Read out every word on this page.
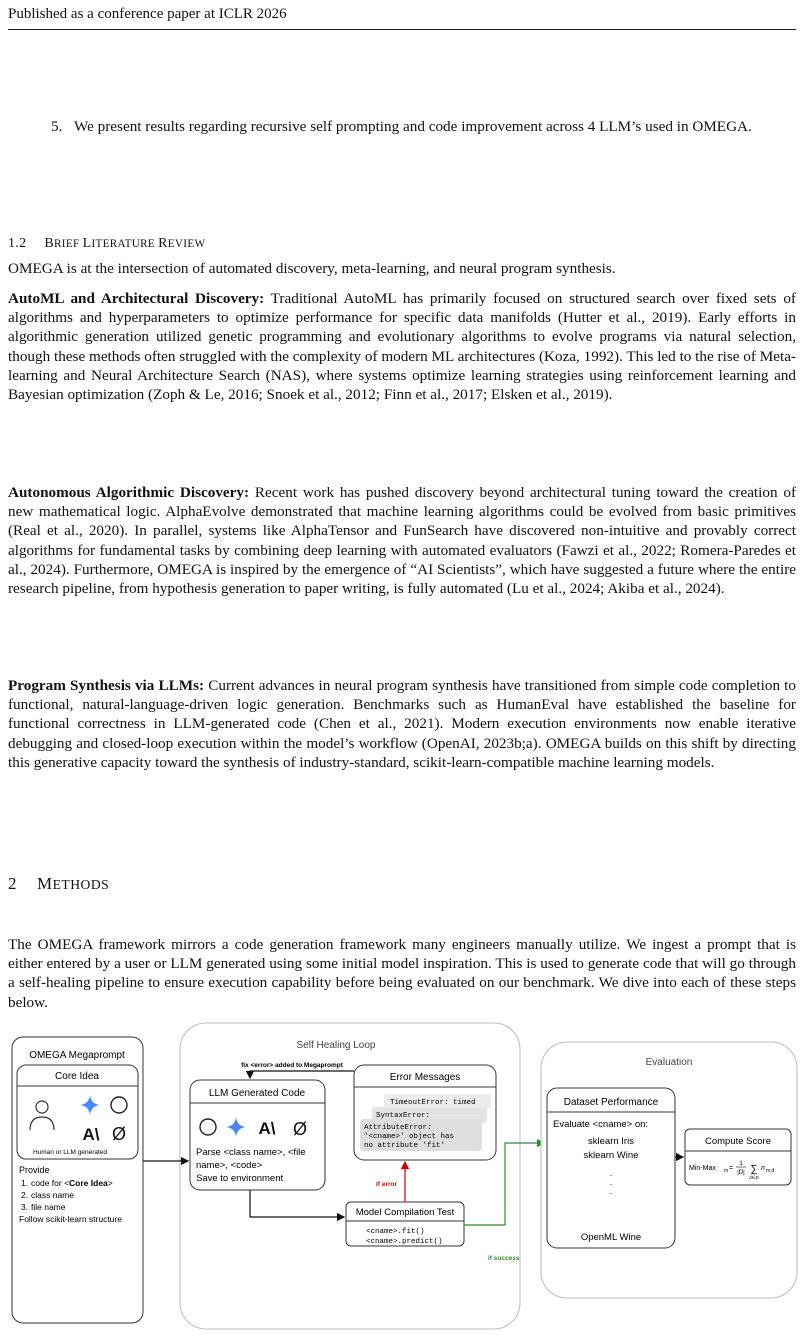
Published as a conference paper at ICLR 2026
5. We present results regarding recursive self prompting and code improvement across 4 LLM’s used in OMEGA.
1.2 BRIEF LITERATURE REVIEW
OMEGA is at the intersection of automated discovery, meta-learning, and neural program synthesis.
AutoML and Architectural Discovery: Traditional AutoML has primarily focused on structured search over fixed sets of algorithms and hyperparameters to optimize performance for specific data manifolds (Hutter et al., 2019). Early efforts in algorithmic generation utilized genetic programming and evolutionary algorithms to evolve programs via natural selection, though these methods often struggled with the complexity of modern ML architectures (Koza, 1992). This led to the rise of Meta-learning and Neural Architecture Search (NAS), where systems optimize learning strategies using reinforcement learning and Bayesian optimization (Zoph & Le, 2016; Snoek et al., 2012; Finn et al., 2017; Elsken et al., 2019).
Autonomous Algorithmic Discovery: Recent work has pushed discovery beyond architectural tuning toward the creation of new mathematical logic. AlphaEvolve demonstrated that machine learning algorithms could be evolved from basic primitives (Real et al., 2020). In parallel, systems like AlphaTensor and FunSearch have discovered non-intuitive and provably correct algorithms for fundamental tasks by combining deep learning with automated evaluators (Fawzi et al., 2022; Romera-Paredes et al., 2024). Furthermore, OMEGA is inspired by the emergence of “AI Scientists”, which have suggested a future where the entire research pipeline, from hypothesis generation to paper writing, is fully automated (Lu et al., 2024; Akiba et al., 2024).
Program Synthesis via LLMs: Current advances in neural program synthesis have transitioned from simple code completion to functional, natural-language-driven logic generation. Benchmarks such as HumanEval have established the baseline for functional correctness in LLM-generated code (Chen et al., 2021). Modern execution environments now enable iterative debugging and closed-loop execution within the model’s workflow (OpenAI, 2023b;a). OMEGA builds on this shift by directing this generative capacity toward the synthesis of industry-standard, scikit-learn-compatible machine learning models.
2 METHODS
The OMEGA framework mirrors a code generation framework many engineers manually utilize. We ingest a prompt that is either entered by a user or LLM generated using some initial model inspiration. This is used to generate code that will go through a self-healing pipeline to ensure execution capability before being evaluated on our benchmark. We dive into each of these steps below.
OMEGA Megaprompt
Core Idea
A\ Ø
Human or LLM generated
Provide
1. code for <Core Idea>
2. class name
3. file name
Follow scikit-learn structure
Self Healing Loop
LLM Generated Code
A\ Ø
Parse <class name>, <file
name>, <code>
Save to environment
Error Messages
TimeoutError: timed
SyntaxError:
AttributeError:
'<cname>' object has
no attribute 'fit'
fix <error> added to Megaprompt
Model Compilation Test
<cname>.fit()
<cname>.predict()
if error
if success
Evaluation
Dataset Performance
Evaluate <cname> on:
sklearn Iris
sklearn Wine
·
·
·
OpenML Wine
Compute Score
Min-Max m =
1
|D| ∑
d∈D
n m,d
